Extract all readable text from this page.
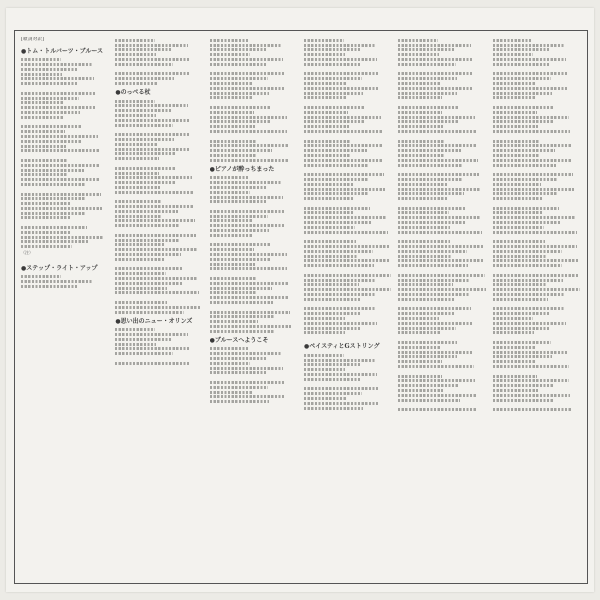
[歌詞対訳]
●トム・トルバーツ・ブルース
（注）
●ステップ・ライト・アップ
●のっぺる杖
●思い出のニュー・オリンズ
●ピアノが酔っちまった
●ブルースへようこそ
●ペイスティとGストリング
